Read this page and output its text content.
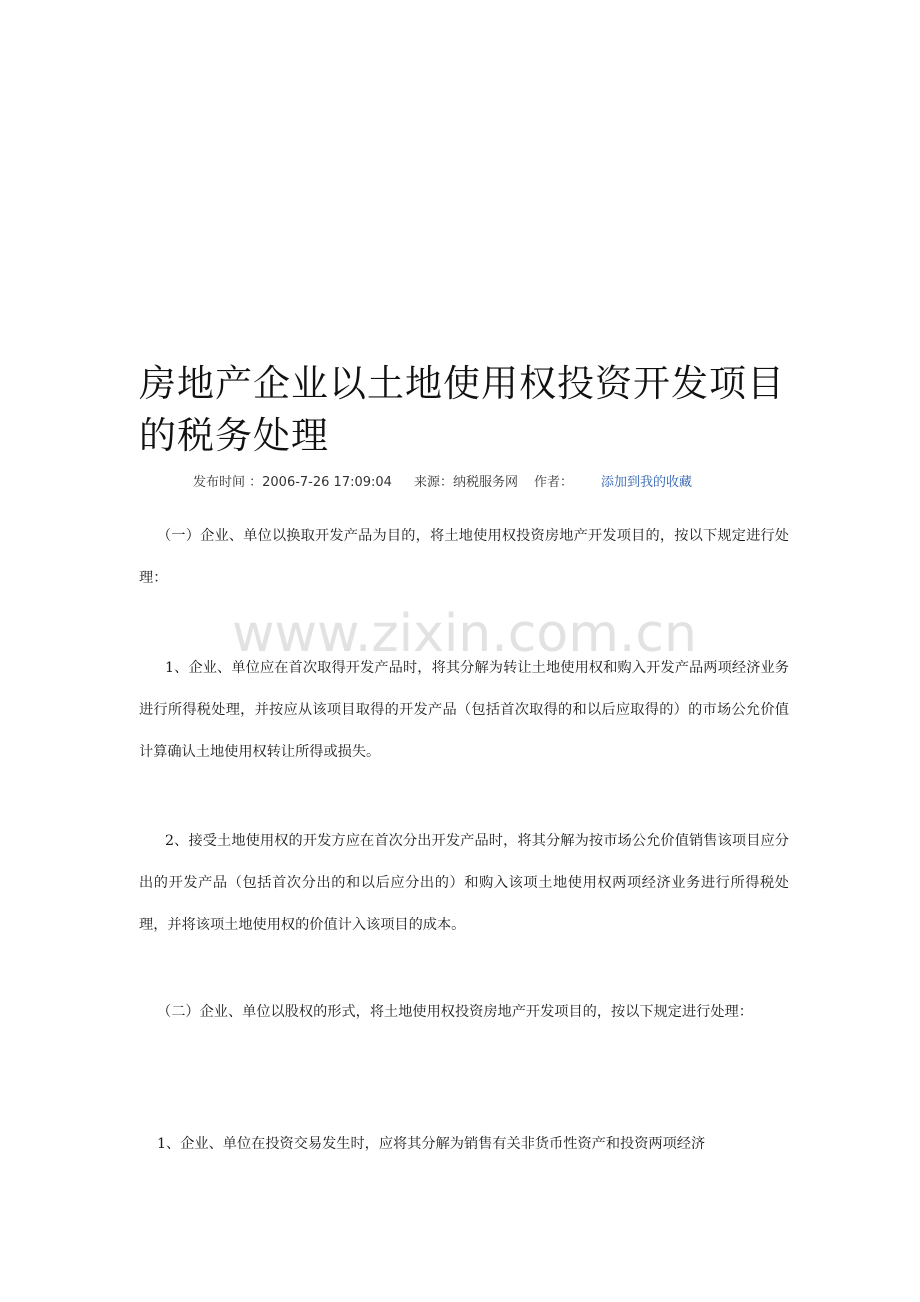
房地产企业以土地使用权投资开发项目的税务处理
发布时间 ：2006-7-26 17:09:04 来源：纳税服务网 作者： 添加到我的收藏

（一）企业、单位以换取开发产品为目的，将土地使用权投资房地产开发项目的，按以下规定进行处理：

1、企业、单位应在首次取得开发产品时，将其分解为转让土地使用权和购入开发产品两项经济业务进行所得税处理，并按应从该项目取得的开发产品（包括首次取得的和以后应取得的）的市场公允价值计算确认土地使用权转让所得或损失。

2、接受土地使用权的开发方应在首次分出开发产品时，将其分解为按市场公允价值销售该项目应分出的开发产品（包括首次分出的和以后应分出的）和购入该项土地使用权两项经济业务进行所得税处理，并将该项土地使用权的价值计入该项目的成本。

（二）企业、单位以股权的形式，将土地使用权投资房地产开发项目的，按以下规定进行处理：

1、企业、单位在投资交易发生时，应将其分解为销售有关非货币性资产和投资两项经济

www.zixin.com.cn
